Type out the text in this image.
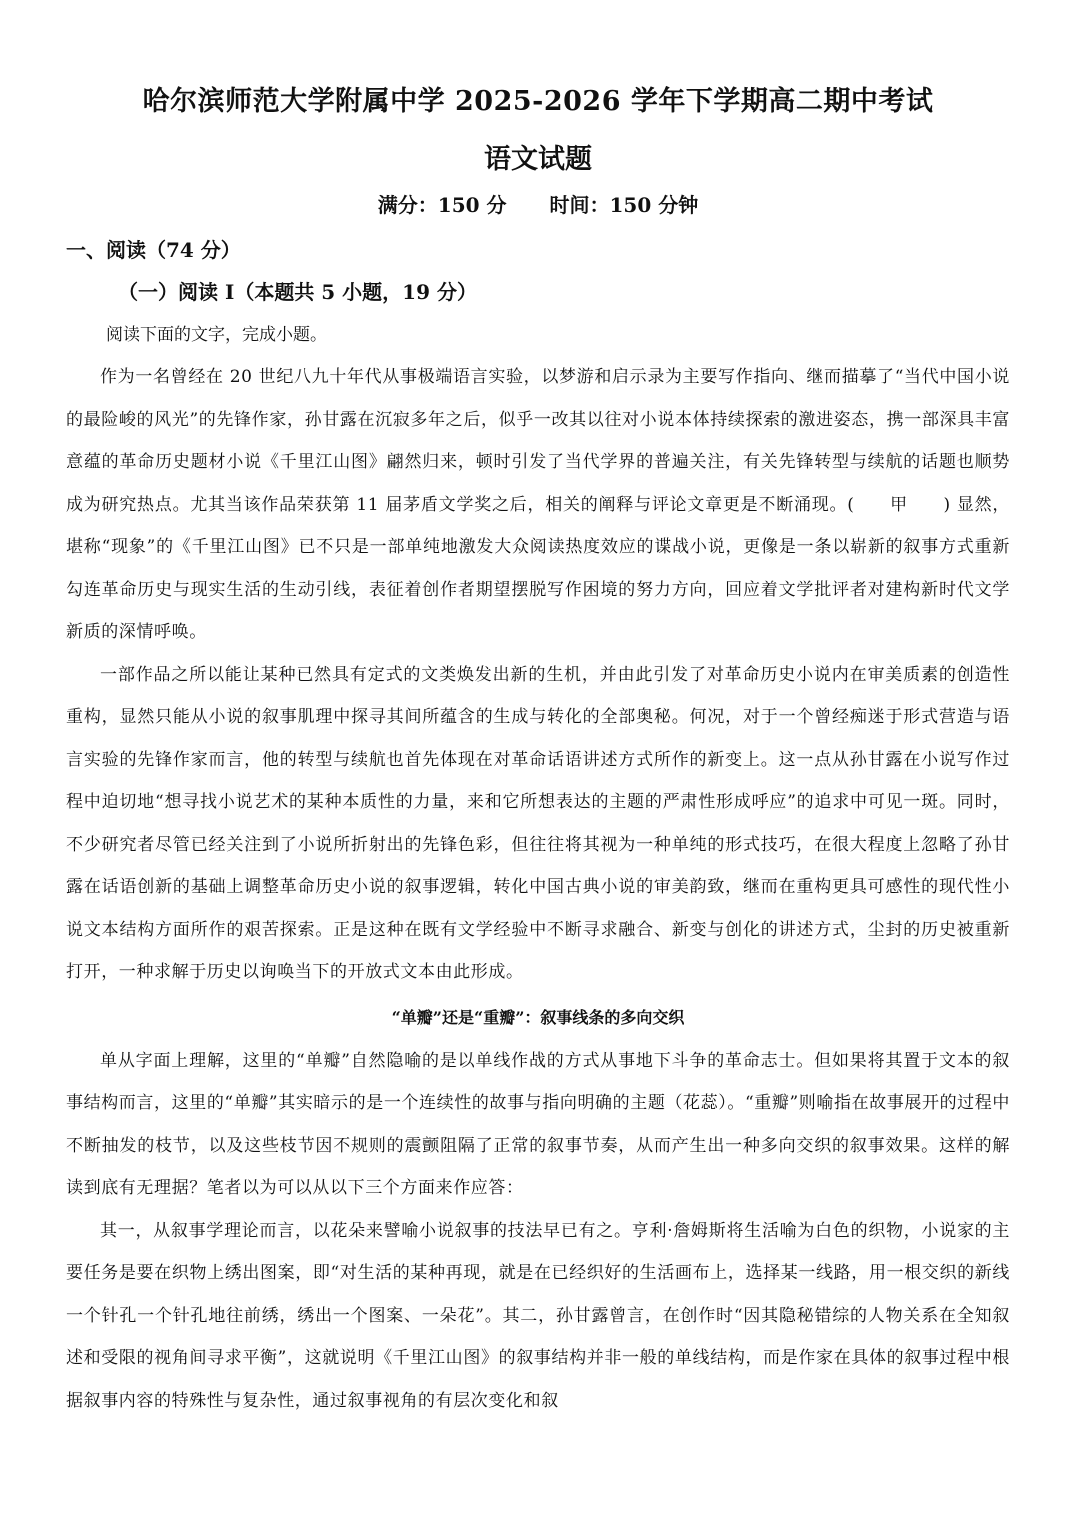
哈尔滨师范大学附属中学 2025-2026 学年下学期高二期中考试
语文试题
满分：150 分 时间：150 分钟
一、阅读（74 分）
（一）阅读 I（本题共 5 小题，19 分）
阅读下面的文字，完成小题。

作为一名曾经在 20 世纪八九十年代从事极端语言实验，以梦游和启示录为主要写作指向、继而描摹了“当代中国小说的最险峻的风光”的先锋作家，孙甘露在沉寂多年之后，似乎一改其以往对小说本体持续探索的激进姿态，携一部深具丰富意蕴的革命历史题材小说《千里江山图》翩然归来，顿时引发了当代学界的普遍关注，有关先锋转型与续航的话题也顺势成为研究热点。尤其当该作品荣获第 11 届茅盾文学奖之后，相关的阐释与评论文章更是不断涌现。(　　甲　　) 显然，堪称“现象”的《千里江山图》已不只是一部单纯地激发大众阅读热度效应的谍战小说，更像是一条以崭新的叙事方式重新勾连革命历史与现实生活的生动引线，表征着创作者期望摆脱写作困境的努力方向，回应着文学批评者对建构新时代文学新质的深情呼唤。

一部作品之所以能让某种已然具有定式的文类焕发出新的生机，并由此引发了对革命历史小说内在审美质素的创造性重构，显然只能从小说的叙事肌理中探寻其间所蕴含的生成与转化的全部奥秘。何况，对于一个曾经痴迷于形式营造与语言实验的先锋作家而言，他的转型与续航也首先体现在对革命话语讲述方式所作的新变上。这一点从孙甘露在小说写作过程中迫切地“想寻找小说艺术的某种本质性的力量，来和它所想表达的主题的严肃性形成呼应”的追求中可见一斑。同时，不少研究者尽管已经关注到了小说所折射出的先锋色彩，但往往将其视为一种单纯的形式技巧，在很大程度上忽略了孙甘露在话语创新的基础上调整革命历史小说的叙事逻辑，转化中国古典小说的审美韵致，继而在重构更具可感性的现代性小说文本结构方面所作的艰苦探索。正是这种在既有文学经验中不断寻求融合、新变与创化的讲述方式，尘封的历史被重新打开，一种求解于历史以询唤当下的开放式文本由此形成。

“单瓣”还是“重瓣”：叙事线条的多向交织

单从字面上理解，这里的“单瓣”自然隐喻的是以单线作战的方式从事地下斗争的革命志士。但如果将其置于文本的叙事结构而言，这里的“单瓣”其实暗示的是一个连续性的故事与指向明确的主题（花蕊）。“重瓣”则喻指在故事展开的过程中不断抽发的枝节，以及这些枝节因不规则的震颤阻隔了正常的叙事节奏，从而产生出一种多向交织的叙事效果。这样的解读到底有无理据？笔者以为可以从以下三个方面来作应答：

其一，从叙事学理论而言，以花朵来譬喻小说叙事的技法早已有之。亨利·詹姆斯将生活喻为白色的织物，小说家的主要任务是要在织物上绣出图案，即“对生活的某种再现，就是在已经织好的生活画布上，选择某一线路，用一根交织的新线一个针孔一个针孔地往前绣，绣出一个图案、一朵花”。其二，孙甘露曾言，在创作时“因其隐秘错综的人物关系在全知叙述和受限的视角间寻求平衡”，这就说明《千里江山图》的叙事结构并非一般的单线结构，而是作家在具体的叙事过程中根据叙事内容的特殊性与复杂性，通过叙事视角的有层次变化和叙
